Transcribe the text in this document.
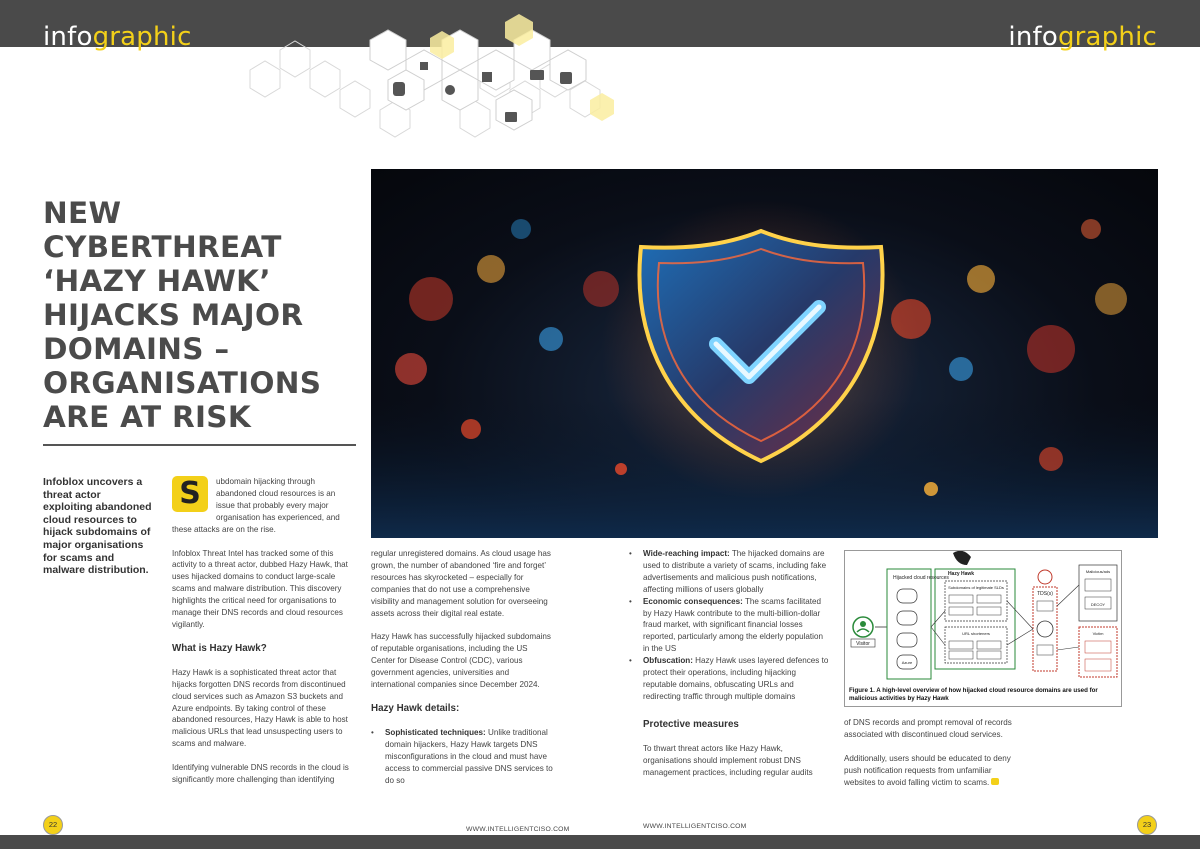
infographic	infographic
NEW CYBERTHREAT ‘HAZY HAWK’ HIJACKS MAJOR DOMAINS – ORGANISATIONS ARE AT RISK

Infoblox uncovers a threat actor exploiting abandoned cloud resources to hijack subdomains of major organisations for scams and malware distribution.

S	ubdomain hijacking through abandoned cloud resources is an issue that probably every major organisation has experienced, and these attacks are on the rise.

Infoblox Threat Intel has tracked some of this activity to a threat actor, dubbed Hazy Hawk, that uses hijacked domains to conduct large-scale scams and malware distribution. This discovery highlights the critical need for organisations to manage their DNS records and cloud resources vigilantly.

What is Hazy Hawk?

Hazy Hawk is a sophisticated threat actor that hijacks forgotten DNS records from discontinued cloud services such as Amazon S3 buckets and Azure endpoints. By taking control of these abandoned resources, Hazy Hawk is able to host malicious URLs that lead unsuspecting users to scams and malware.

Identifying vulnerable DNS records in the cloud is significantly more challenging than identifying

regular unregistered domains. As cloud usage has grown, the number of abandoned ‘fire and forget’ resources has skyrocketed – especially for companies that do not use a comprehensive visibility and management solution for overseeing assets across their digital real estate.

Hazy Hawk has successfully hijacked subdomains of reputable organisations, including the US Center for Disease Control (CDC), various government agencies, universities and international companies since December 2024.

Hazy Hawk details:
• Sophisticated techniques: Unlike traditional domain hijackers, Hazy Hawk targets DNS misconfigurations in the cloud and must have access to commercial passive DNS services to do so
• Wide-reaching impact: The hijacked domains are used to distribute a variety of scams, including fake advertisements and malicious push notifications, affecting millions of users globally
• Economic consequences: The scams facilitated by Hazy Hawk contribute to the multi-billion-dollar fraud market, with significant financial losses reported, particularly among the elderly population in the US
• Obfuscation: Hazy Hawk uses layered defences to protect their operations, including hijacking reputable domains, obfuscating URLs and redirecting traffic through multiple domains
Protective measures

To thwart threat actors like Hazy Hawk, organisations should implement robust DNS management practices, including regular audits

Visitor
Hijacked cloud resources
Azure
Hazy Hawk
Subdomains of legitimate SLDs
URL shorteners
TDS(s)
Malicious/ads
DECOY
Victim

Figure 1. A high-level overview of how hijacked cloud resource domains are used for malicious activities by Hazy Hawk

of DNS records and prompt removal of records associated with discontinued cloud services.

Additionally, users should be educated to deny push notification requests from unfamiliar websites to avoid falling victim to scams.

22	23
WWW.INTELLIGENTCISO.COM	WWW.INTELLIGENTCISO.COM
